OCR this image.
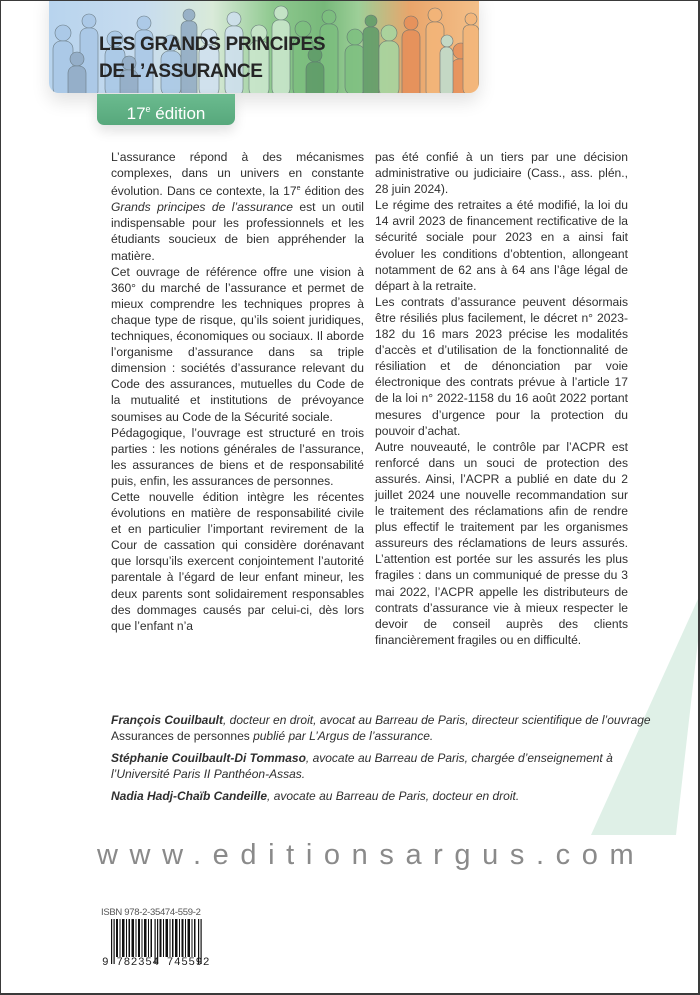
LES GRANDS PRINCIPES
DE L’ASSURANCE
17e édition

L’assurance répond à des mécanismes complexes, dans un univers en constante évolution. Dans ce contexte, la 17e édition des Grands principes de l’assurance est un outil indispensable pour les professionnels et les étudiants soucieux de bien appréhender la matière.

Cet ouvrage de référence offre une vision à 360° du marché de l’assurance et permet de mieux comprendre les techniques propres à chaque type de risque, qu’ils soient juridiques, techniques, économiques ou sociaux. Il aborde l’organisme d’assurance dans sa triple dimension : sociétés d’assurance relevant du Code des assurances, mutuelles du Code de la mutualité et institutions de prévoyance soumises au Code de la Sécurité sociale.

Pédagogique, l’ouvrage est structuré en trois parties : les notions générales de l’assurance, les assurances de biens et de responsabilité puis, enfin, les assurances de personnes.

Cette nouvelle édition intègre les récentes évolutions en matière de responsabilité civile et en particulier l’important revirement de la Cour de cassation qui considère dorénavant que lorsqu’ils exercent conjointement l’autorité parentale à l’égard de leur enfant mineur, les deux parents sont solidairement responsables des dommages causés par celui-ci, dès lors que l’enfant n’a

pas été confié à un tiers par une décision administrative ou judiciaire (Cass., ass. plén., 28 juin 2024).

Le régime des retraites a été modifié, la loi du 14 avril 2023 de financement rectificative de la sécurité sociale pour 2023 en a ainsi fait évoluer les conditions d’obtention, allongeant notamment de 62 ans à 64 ans l’âge légal de départ à la retraite.

Les contrats d’assurance peuvent désormais être résiliés plus facilement, le décret n° 2023-182 du 16 mars 2023 précise les modalités d’accès et d’utilisation de la fonctionnalité de résiliation et de dénonciation par voie électronique des contrats prévue à l’article 17 de la loi n° 2022-1158 du 16 août 2022 portant mesures d’urgence pour la protection du pouvoir d’achat.

Autre nouveauté, le contrôle par l’ACPR est renforcé dans un souci de protection des assurés. Ainsi, l’ACPR a publié en date du 2 juillet 2024 une nouvelle recommandation sur le traitement des réclamations afin de rendre plus effectif le traitement par les organismes assureurs des réclamations de leurs assurés. L’attention est portée sur les assurés les plus fragiles : dans un communiqué de presse du 3 mai 2022, l’ACPR appelle les distributeurs de contrats d’assurance vie à mieux respecter le devoir de conseil auprès des clients financièrement fragiles ou en difficulté.

François Couilbault, docteur en droit, avocat au Barreau de Paris, directeur scientifique de l’ouvrage Assurances de personnes publié par L’Argus de l’assurance.

Stéphanie Couilbault-Di Tommaso, avocate au Barreau de Paris, chargée d’enseignement à l’Université Paris II Panthéon-Assas.

Nadia Hadj-Chaïb Candeille, avocate au Barreau de Paris, docteur en droit.

www.editionsargus.com
ISBN 978-2-35474-559-2
9 782354 745592
